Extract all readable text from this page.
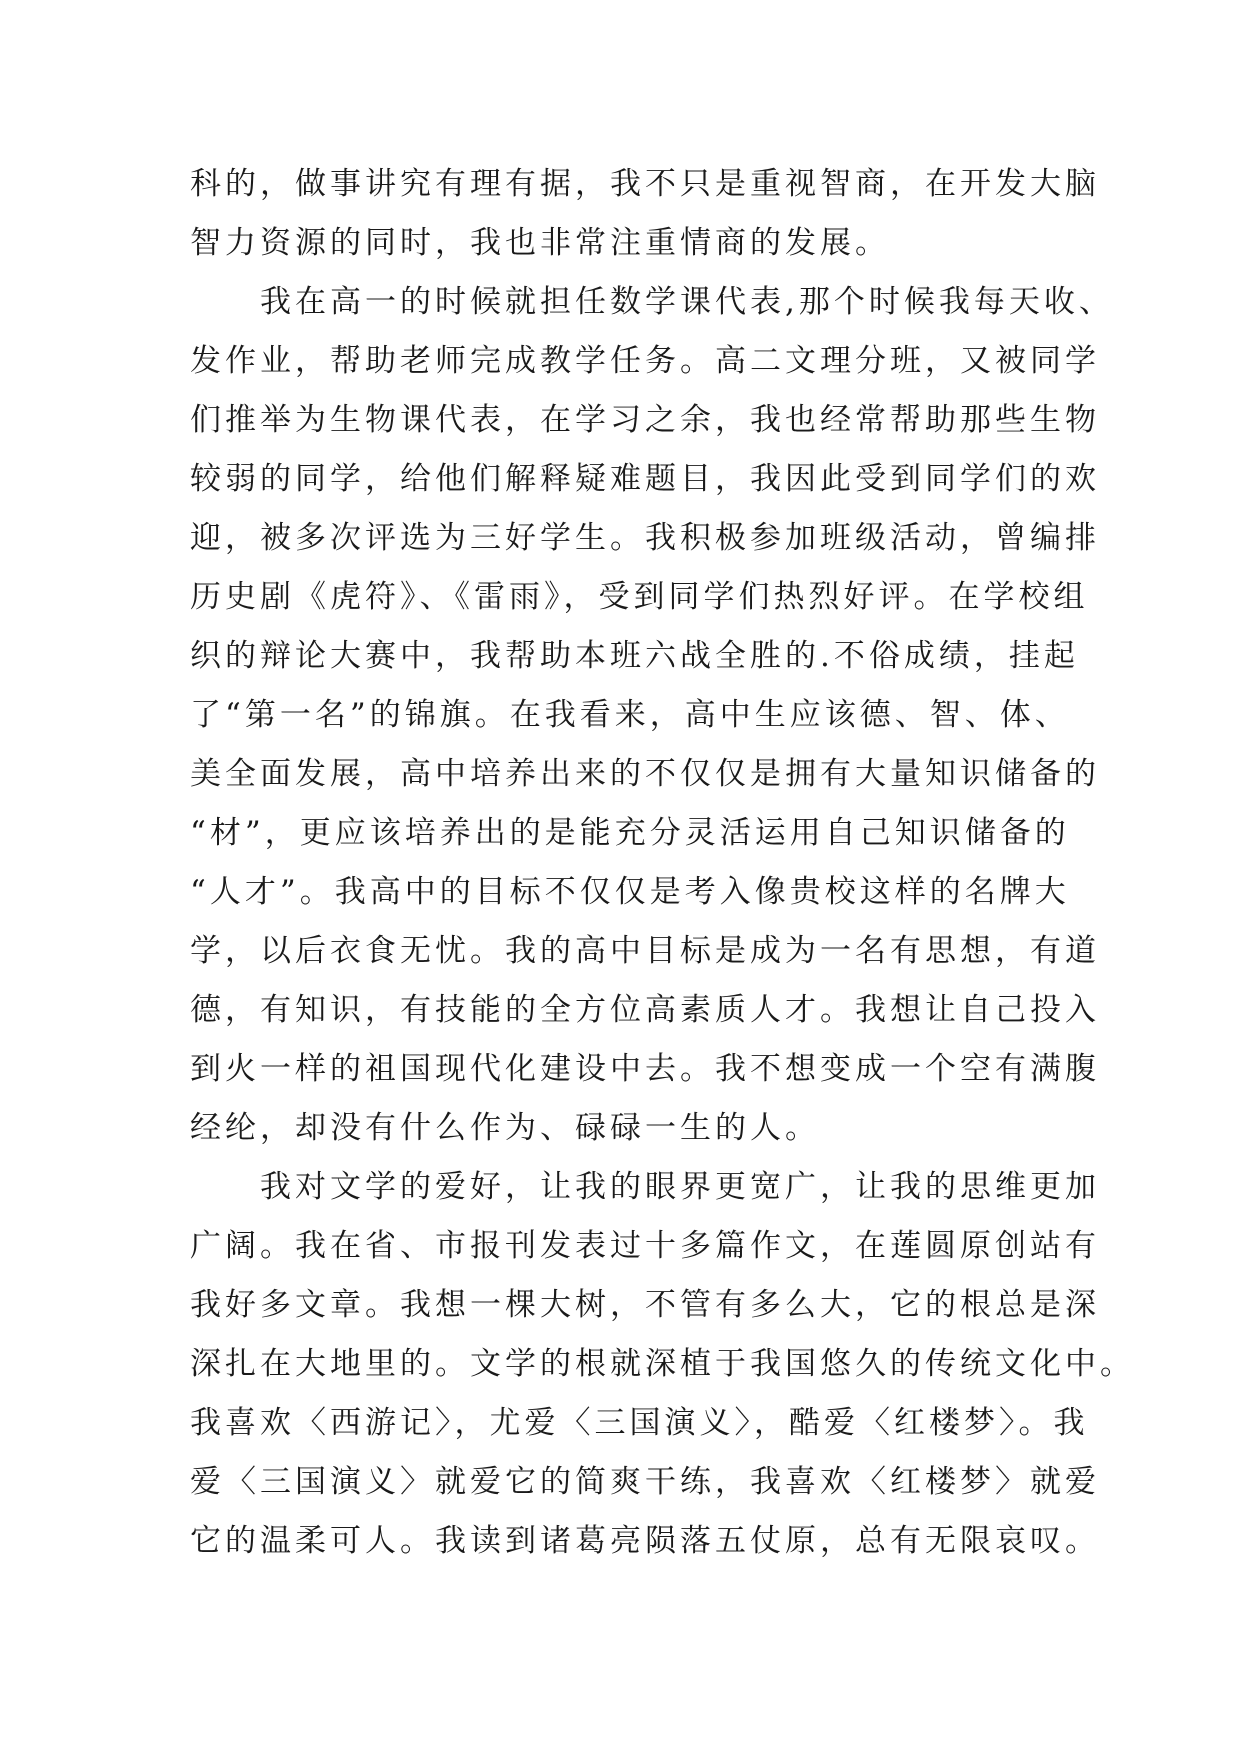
科的，做事讲究有理有据，我不只是重视智商，在开发大脑
智力资源的同时，我也非常注重情商的发展。
　　我在高一的时候就担任数学课代表,那个时候我每天收、
发作业，帮助老师完成教学任务。高二文理分班，又被同学
们推举为生物课代表，在学习之余，我也经常帮助那些生物
较弱的同学，给他们解释疑难题目，我因此受到同学们的欢
迎，被多次评选为三好学生。我积极参加班级活动，曾编排
历史剧《虎符》、《雷雨》，受到同学们热烈好评。在学校组
织的辩论大赛中，我帮助本班六战全胜的.不俗成绩，挂起
了“第一名”的锦旗。在我看来，高中生应该德、智、体、
美全面发展，高中培养出来的不仅仅是拥有大量知识储备的
“材”，更应该培养出的是能充分灵活运用自己知识储备的
“人才”。我高中的目标不仅仅是考入像贵校这样的名牌大
学，以后衣食无忧。我的高中目标是成为一名有思想，有道
德，有知识，有技能的全方位高素质人才。我想让自己投入
到火一样的祖国现代化建设中去。我不想变成一个空有满腹
经纶，却没有什么作为、碌碌一生的人。
　　我对文学的爱好，让我的眼界更宽广，让我的思维更加
广阔。我在省、市报刊发表过十多篇作文，在莲圆原创站有
我好多文章。我想一棵大树，不管有多么大，它的根总是深
深扎在大地里的。文学的根就深植于我国悠久的传统文化中。
我喜欢〈西游记〉，尤爱〈三国演义〉，酷爱〈红楼梦〉。我
爱〈三国演义〉就爱它的简爽干练，我喜欢〈红楼梦〉就爱
它的温柔可人。我读到诸葛亮陨落五仗原，总有无限哀叹。
